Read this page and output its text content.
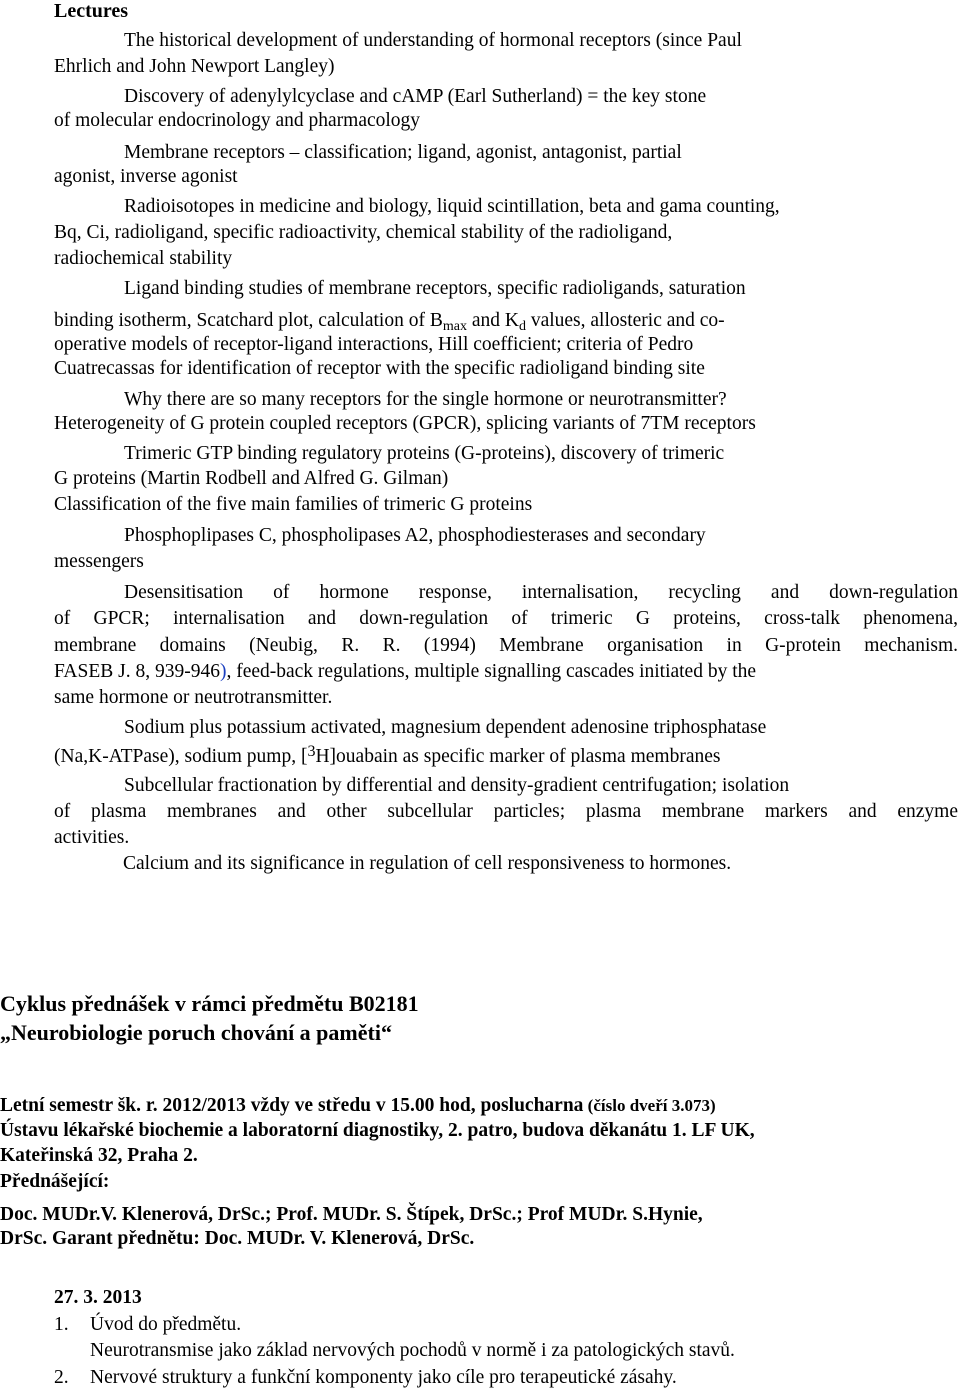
Lectures
The historical development of understanding of hormonal receptors (since Paul
Ehrlich and John Newport Langley)
Discovery of adenylylcyclase and cAMP (Earl Sutherland) = the key stone
of molecular endocrinology and pharmacology
Membrane receptors – classification; ligand, agonist, antagonist, partial
agonist, inverse agonist
Radioisotopes in medicine and biology, liquid scintillation, beta and gama counting,
Bq, Ci, radioligand, specific radioactivity, chemical stability of the radioligand,
radiochemical stability
Ligand binding studies of membrane receptors, specific radioligands, saturation
binding isotherm, Scatchard plot, calculation of $B_{max}$ and $K_d$ values, allosteric and co-
operative models of receptor-ligand interactions, Hill coefficient; criteria of Pedro
Cuatrecassas for identification of receptor with the specific radioligand binding site
Why there are so many receptors for the single hormone or neurotransmitter?
Heterogeneity of G protein coupled receptors (GPCR), splicing variants of 7TM receptors
Trimeric GTP binding regulatory proteins (G-proteins), discovery of trimeric
G proteins (Martin Rodbell and Alfred G. Gilman)
Classification of the five main families of trimeric G proteins
Phosphoplipases C, phospholipases A2, phosphodiesterases and secondary
messengers
Desensitisation of hormone response, internalisation, recycling and down-regulation
of GPCR; internalisation and down-regulation of trimeric G proteins, cross-talk phenomena,
membrane domains (Neubig, R. R. (1994) Membrane organisation in G-protein mechanism.
FASEB J. 8, 939-946), feed-back regulations, multiple signalling cascades initiated by the
same hormone or neutrotransmitter.
Sodium plus potassium activated, magnesium dependent adenosine triphosphatase
(Na,K-ATPase), sodium pump, [$^3$H]ouabain as specific marker of plasma membranes
Subcellular fractionation by differential and density-gradient centrifugation; isolation
of plasma membranes and other subcellular particles; plasma membrane markers and enzyme
activities.
Calcium and its significance in regulation of cell responsiveness to hormones.
Cyklus přednášek v rámci předmětu B02181
„Neurobiologie poruch chování a paměti“
Letní semestr šk. r. 2012/2013 vždy ve středu v 15.00 hod, poslucharna (číslo dveří 3.073)
Ústavu lékařské biochemie a laboratorní diagnostiky, 2. patro, budova děkanátu 1. LF UK,
Kateřinská 32, Praha 2.
Přednášející:
Doc. MUDr.V. Klenerová, DrSc.; Prof. MUDr. S. Štípek, DrSc.; Prof MUDr. S.Hynie,
DrSc. Garant přednětu: Doc. MUDr. V. Klenerová, DrSc.
27. 3. 2013
1. Úvod do předmětu.
Neurotransmise jako základ nervových pochodů v normě i za patologických stavů.
2. Nervové struktury a funkční komponenty jako cíle pro terapeutické zásahy.
